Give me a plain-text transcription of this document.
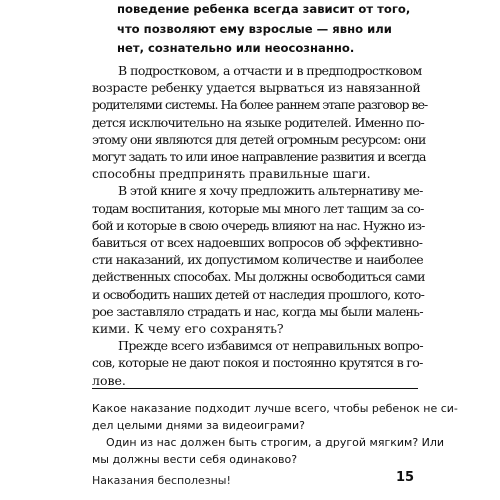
поведение ребенка всегда зависит от того,
что позволяют ему взрослые — явно или
нет, сознательно или неосознанно.
В подростковом, а отчасти и в предподростковом
возрасте ребенку удается вырваться из навязанной
родителями системы. На более раннем этапе разговор ве-
дется исключительно на языке родителей. Именно по-
этому они являются для детей огромным ресурсом: они
могут задать то или иное направление развития и всегда
способны предпринять правильные шаги.
В этой книге я хочу предложить альтернативу ме-
тодам воспитания, которые мы много лет тащим за со-
бой и которые в свою очередь влияют на нас. Нужно из-
бавиться от всех надоевших вопросов об эффективно-
сти наказаний, их допустимом количестве и наиболее
действенных способах. Мы должны освободиться сами
и освободить наших детей от наследия прошлого, кото-
рое заставляло страдать и нас, когда мы были малень-
кими. К чему его сохранять?
Прежде всего избавимся от неправильных вопро-
сов, которые не дают покоя и постоянно крутятся в го-
лове.
Какое наказание подходит лучше всего, чтобы ребенок не си-
дел целыми днями за видеоиграми?
Один из нас должен быть строгим, а другой мягким? Или
мы должны вести себя одинаково?
Наказания бесполезны!	15
